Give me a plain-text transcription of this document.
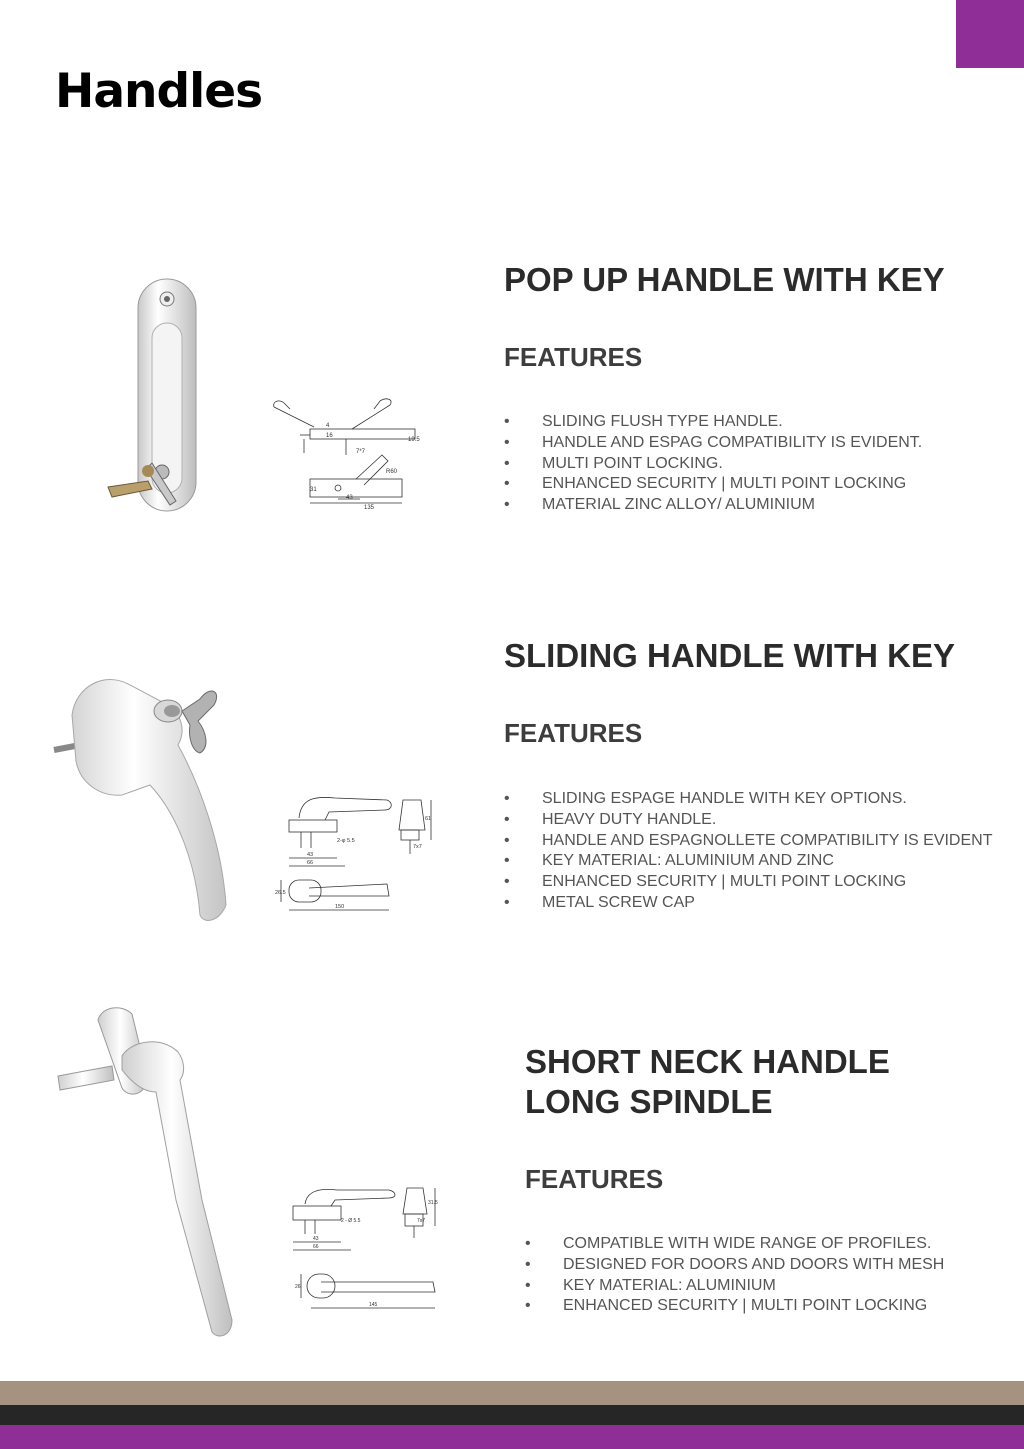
Handles
4
16
19.5
7*7
31
43
135
R60
POP UP HANDLE WITH KEY
FEATURES
• SLIDING FLUSH TYPE HANDLE.
• HANDLE AND ESPAG COMPATIBILITY IS EVIDENT.
• MULTI POINT LOCKING.
• ENHANCED SECURITY | MULTI POINT LOCKING
• MATERIAL ZINC ALLOY/ ALUMINIUM
2-φ 5.5
43
66
7x7
61
26.5
150
SLIDING HANDLE WITH KEY
FEATURES
• SLIDING ESPAGE HANDLE WITH KEY OPTIONS.
• HEAVY DUTY HANDLE.
• HANDLE AND ESPAGNOLLETE COMPATIBILITY IS EVIDENT
• KEY MATERIAL: ALUMINIUM AND ZINC
• ENHANCED SECURITY | MULTI POINT LOCKING
• METAL SCREW CAP
2 - Ø 5.5
43
66
7x7
31.5
26
145
SHORT NECK HANDLE
LONG SPINDLE
FEATURES
• COMPATIBLE WITH WIDE RANGE OF PROFILES.
• DESIGNED FOR DOORS AND DOORS WITH MESH
• KEY MATERIAL: ALUMINIUM
• ENHANCED SECURITY | MULTI POINT LOCKING
